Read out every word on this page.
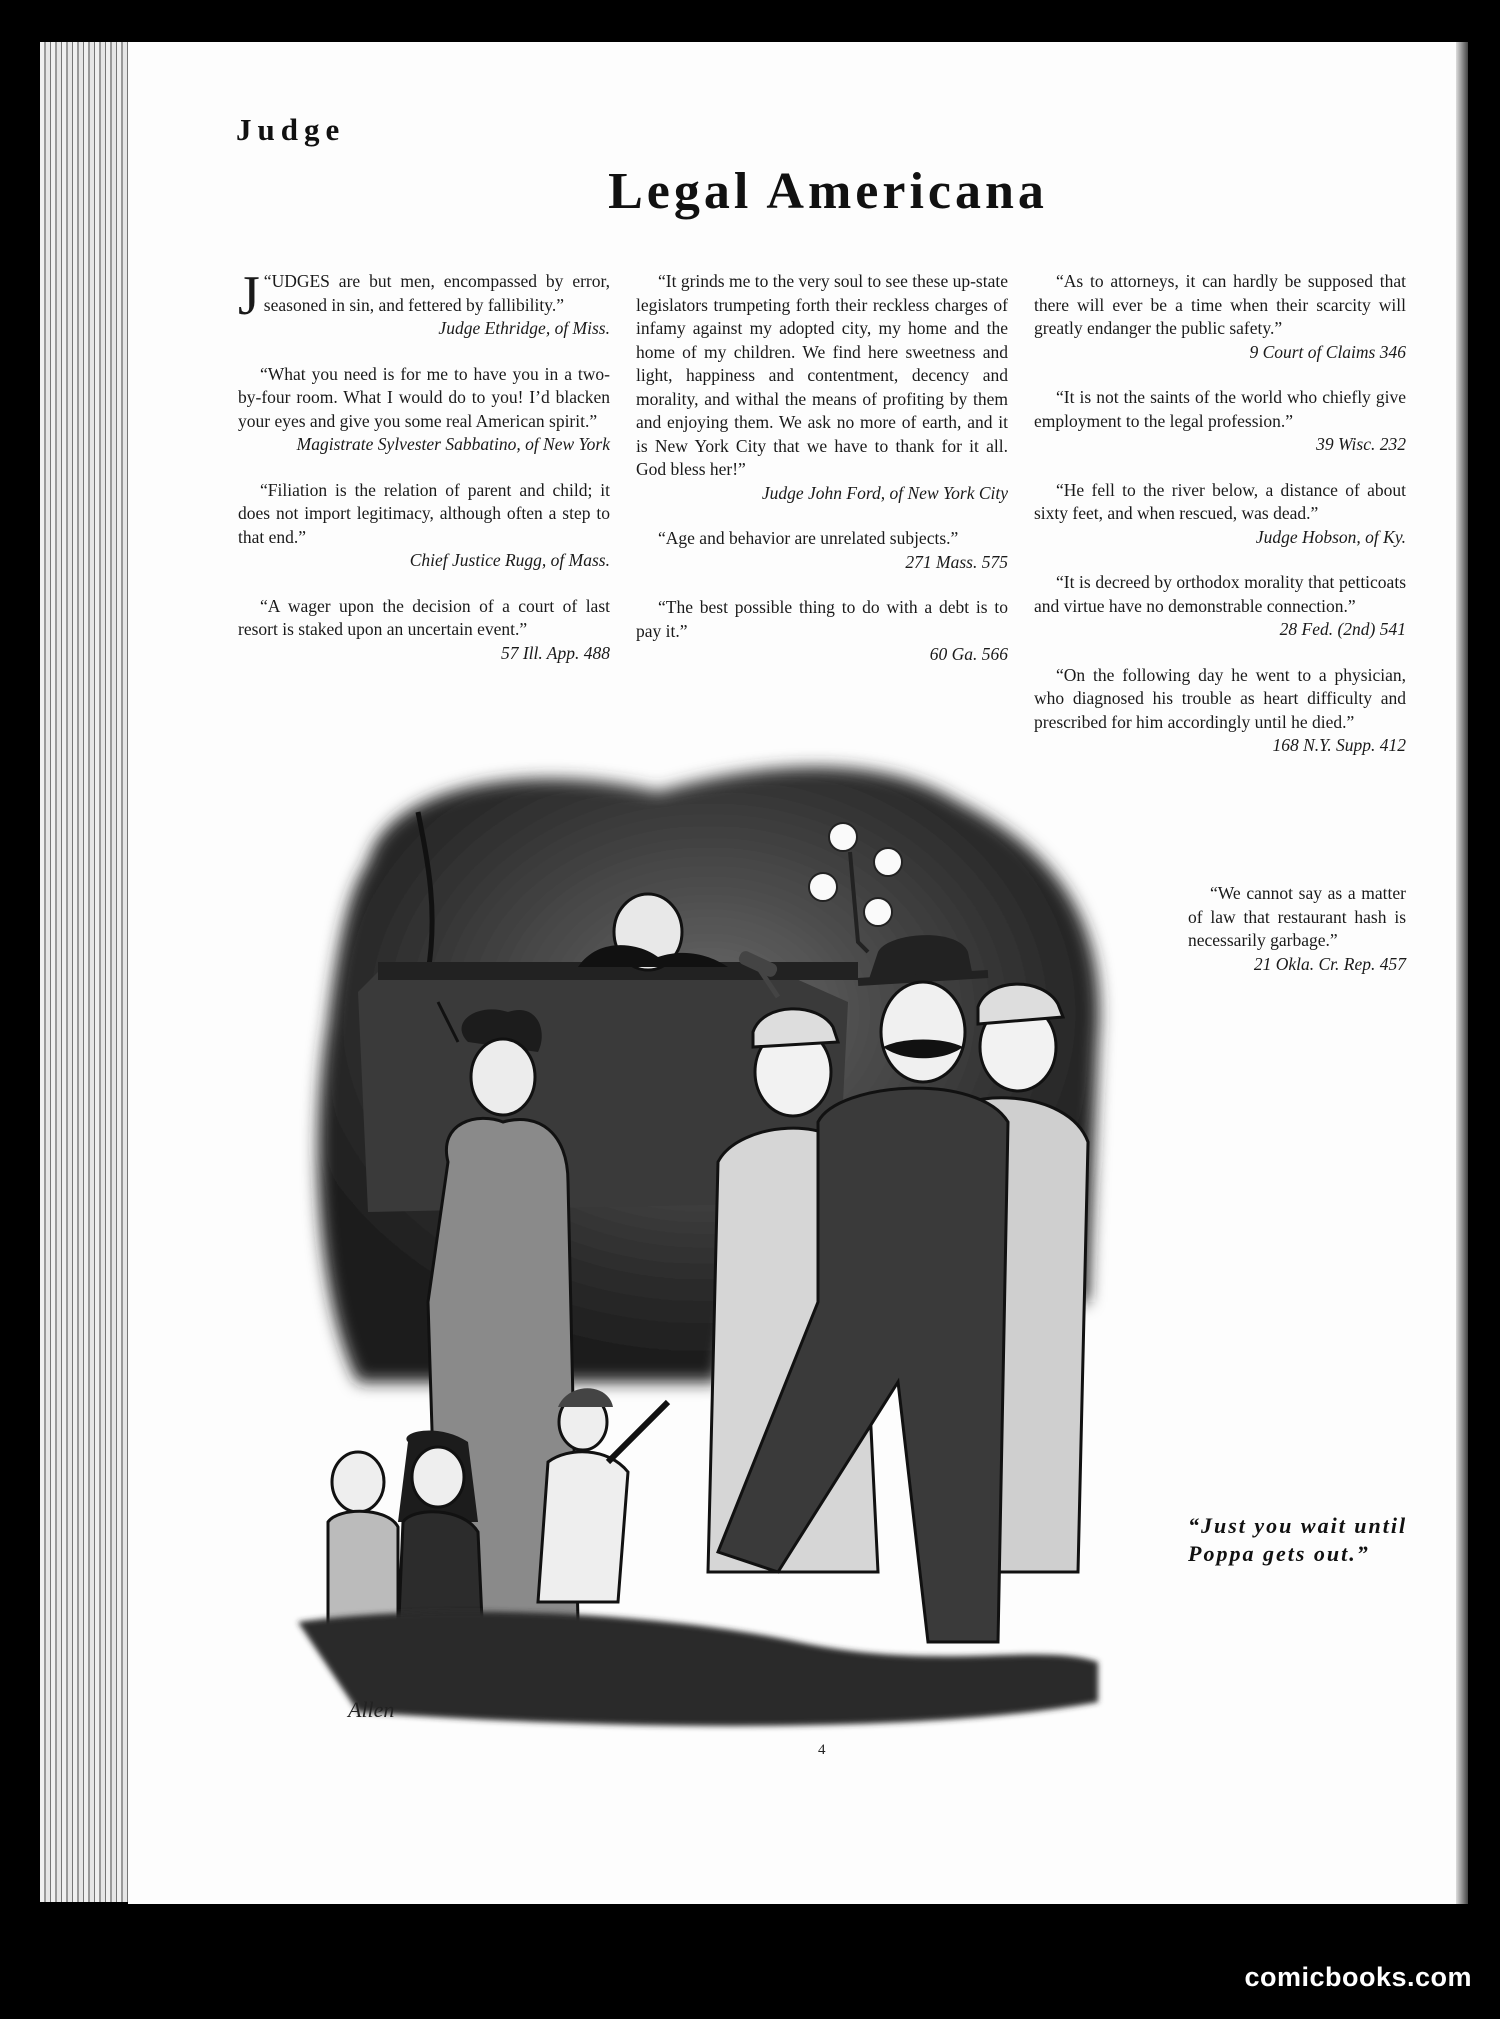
Judge
Legal Americana

“
J UDGES are but men, encompassed by error, seasoned in sin, and fettered by fallibility.”

Judge Ethridge, of Miss.

“What you need is for me to have you in a two-by-four room. What I would do to you! I’d blacken your eyes and give you some real American spirit.”

Magistrate Sylvester Sabbatino, of New York

“Filiation is the relation of parent and child; it does not import legitimacy, although often a step to that end.”

Chief Justice Rugg, of Mass.

“A wager upon the decision of a court of last resort is staked upon an uncertain event.”

57 Ill. App. 488

“It grinds me to the very soul to see these up-state legislators trumpeting forth their reckless charges of infamy against my adopted city, my home and the home of my children. We find here sweetness and light, happiness and contentment, decency and morality, and withal the means of profiting by them and enjoying them. We ask no more of earth, and it is New York City that we have to thank for it all. God bless her!”

Judge John Ford, of New York City

“Age and behavior are unrelated subjects.”

271 Mass. 575

“The best possible thing to do with a debt is to pay it.”

60 Ga. 566

“As to attorneys, it can hardly be supposed that there will ever be a time when their scarcity will greatly endanger the public safety.”

9 Court of Claims 346

“It is not the saints of the world who chiefly give employment to the legal profession.”

39 Wisc. 232

“He fell to the river below, a distance of about sixty feet, and when rescued, was dead.”

Judge Hobson, of Ky.

“It is decreed by orthodox morality that petticoats and virtue have no demonstrable connection.”

28 Fed. (2nd) 541

“On the following day he went to a physician, who diagnosed his trouble as heart difficulty and prescribed for him accordingly until he died.”

168 N.Y. Supp. 412

“We cannot say as a matter of law that restaurant hash is necessarily garbage.”

21 Okla. Cr. Rep. 457

Allen

“Just you wait until Poppa gets out.”

4
comicbooks.com
